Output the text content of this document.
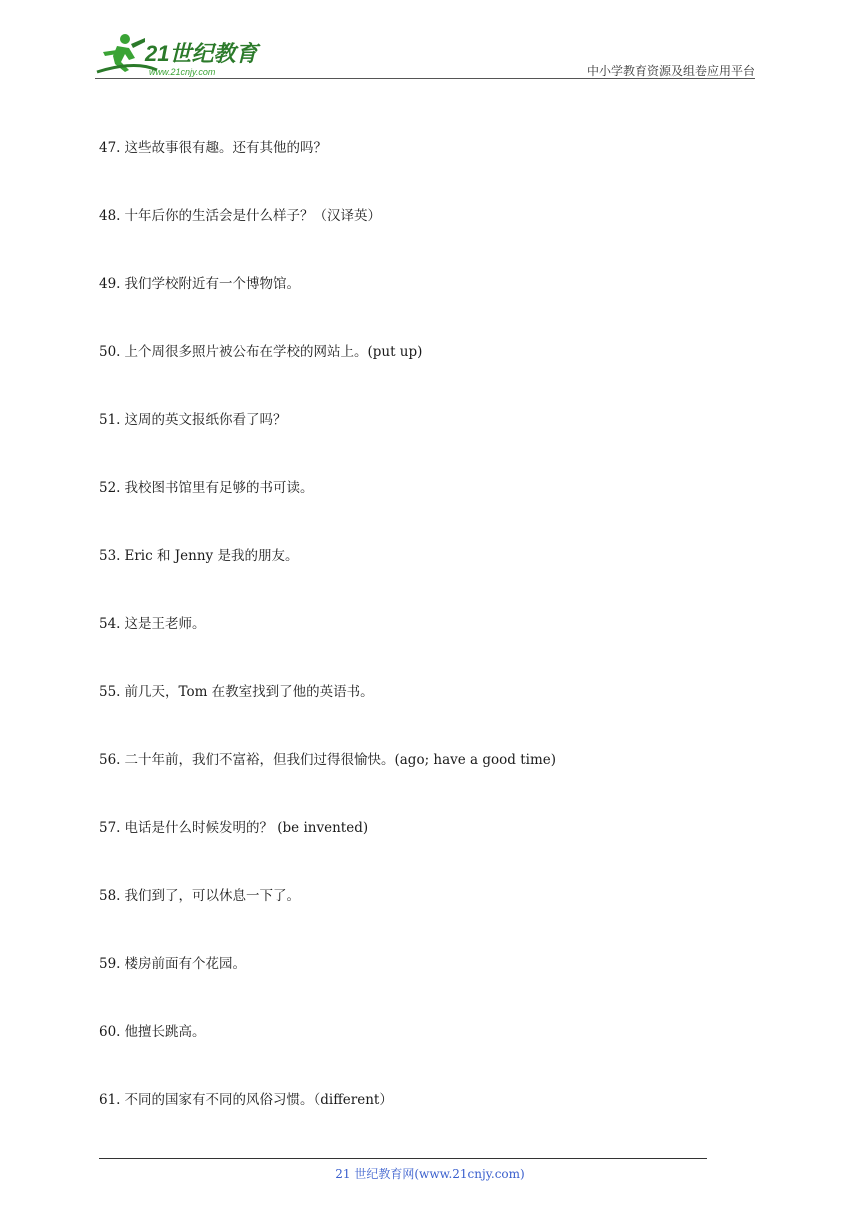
21世纪教育
www.21cnjy.com	中小学教育资源及组卷应用平台
47. 这些故事很有趣。还有其他的吗？
48. 十年后你的生活会是什么样子？（汉译英）
49. 我们学校附近有一个博物馆。
50. 上个周很多照片被公布在学校的网站上。(put up)
51. 这周的英文报纸你看了吗？
52. 我校图书馆里有足够的书可读。
53. Eric 和 Jenny 是我的朋友。
54. 这是王老师。
55. 前几天，Tom 在教室找到了他的英语书。
56. 二十年前，我们不富裕，但我们过得很愉快。(ago; have a good time)
57. 电话是什么时候发明的？ (be invented)
58. 我们到了，可以休息一下了。
59. 楼房前面有个花园。
60. 他擅长跳高。
61. 不同的国家有不同的风俗习惯。（different）
21 世纪教育网(www.21cnjy.com)
